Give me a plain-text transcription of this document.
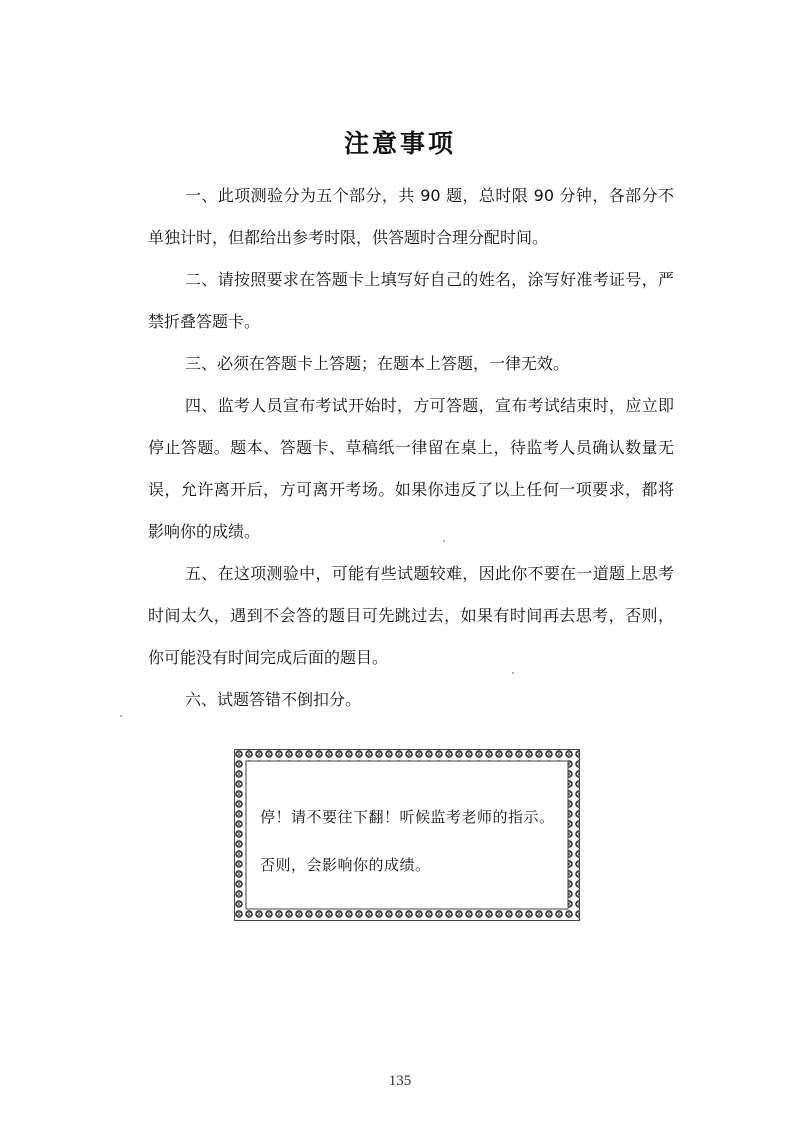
注意事项
一、此项测验分为五个部分，共 90 题，总时限 90 分钟，各部分不单独计时，但都给出参考时限，供答题时合理分配时间。
二、请按照要求在答题卡上填写好自己的姓名，涂写好准考证号，严禁折叠答题卡。
三、必须在答题卡上答题；在题本上答题，一律无效。
四、监考人员宣布考试开始时，方可答题，宣布考试结束时，应立即停止答题。题本、答题卡、草稿纸一律留在桌上，待监考人员确认数量无误，允许离开后，方可离开考场。如果你违反了以上任何一项要求，都将影响你的成绩。
五、在这项测验中，可能有些试题较难，因此你不要在一道题上思考时间太久，遇到不会答的题目可先跳过去，如果有时间再去思考，否则，你可能没有时间完成后面的题目。
六、试题答错不倒扣分。
停！请不要往下翻！听候监考老师的指示。
否则，会影响你的成绩。
135
